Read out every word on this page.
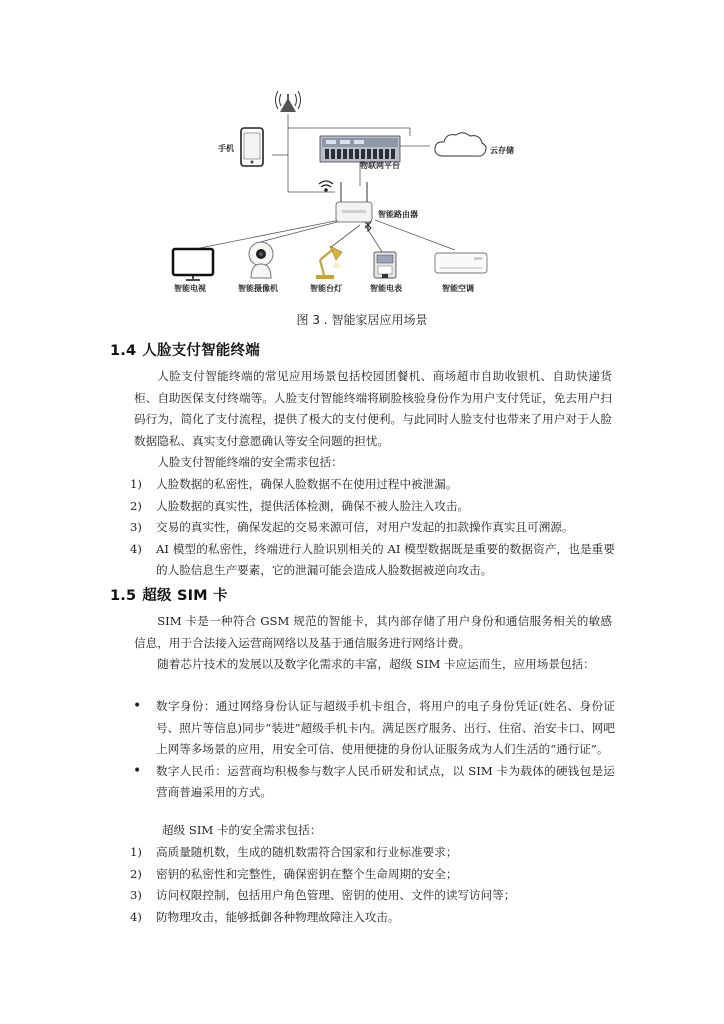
手机
物联网平台
云存储
智能路由器
智能电视	智能摄像机	智能台灯	智能电表	智能空调
图 3 . 智能家居应用场景
1.4 人脸支付智能终端
人脸支付智能终端的常见应用场景包括校园团餐机、商场超市自助收银机、自助快递货柜、自助医保支付终端等。人脸支付智能终端将刷脸核验身份作为用户支付凭证，免去用户扫码行为，简化了支付流程，提供了极大的支付便利。与此同时人脸支付也带来了用户对于人脸数据隐私、真实支付意愿确认等安全问题的担忧。
人脸支付智能终端的安全需求包括：
1)	人脸数据的私密性，确保人脸数据不在使用过程中被泄漏。
2)	人脸数据的真实性，提供活体检测，确保不被人脸注入攻击。
3)	交易的真实性，确保发起的交易来源可信，对用户发起的扣款操作真实且可溯源。
4)	AI 模型的私密性，终端进行人脸识别相关的 AI 模型数据既是重要的数据资产，也是重要的人脸信息生产要素，它的泄漏可能会造成人脸数据被逆向攻击。
1.5 超级 SIM 卡
SIM 卡是一种符合 GSM 规范的智能卡，其内部存储了用户身份和通信服务相关的敏感信息，用于合法接入运营商网络以及基于通信服务进行网络计费。
随着芯片技术的发展以及数字化需求的丰富，超级 SIM 卡应运而生，应用场景包括：
•	数字身份：通过网络身份认证与超级手机卡组合，将用户的电子身份凭证(姓名、身份证号、照片等信息)同步“装进”超级手机卡内。满足医疗服务、出行、住宿、治安卡口、网吧上网等多场景的应用，用安全可信、使用便捷的身份认证服务成为人们生活的“通行证”。
•	数字人民币：运营商均积极参与数字人民币研发和试点，以 SIM 卡为载体的硬钱包是运营商普遍采用的方式。
超级 SIM 卡的安全需求包括：
1)	高质量随机数，生成的随机数需符合国家和行业标准要求；
2)	密钥的私密性和完整性，确保密钥在整个生命周期的安全；
3)	访问权限控制，包括用户角色管理、密钥的使用、文件的读写访问等；
4)	防物理攻击，能够抵御各种物理故障注入攻击。
